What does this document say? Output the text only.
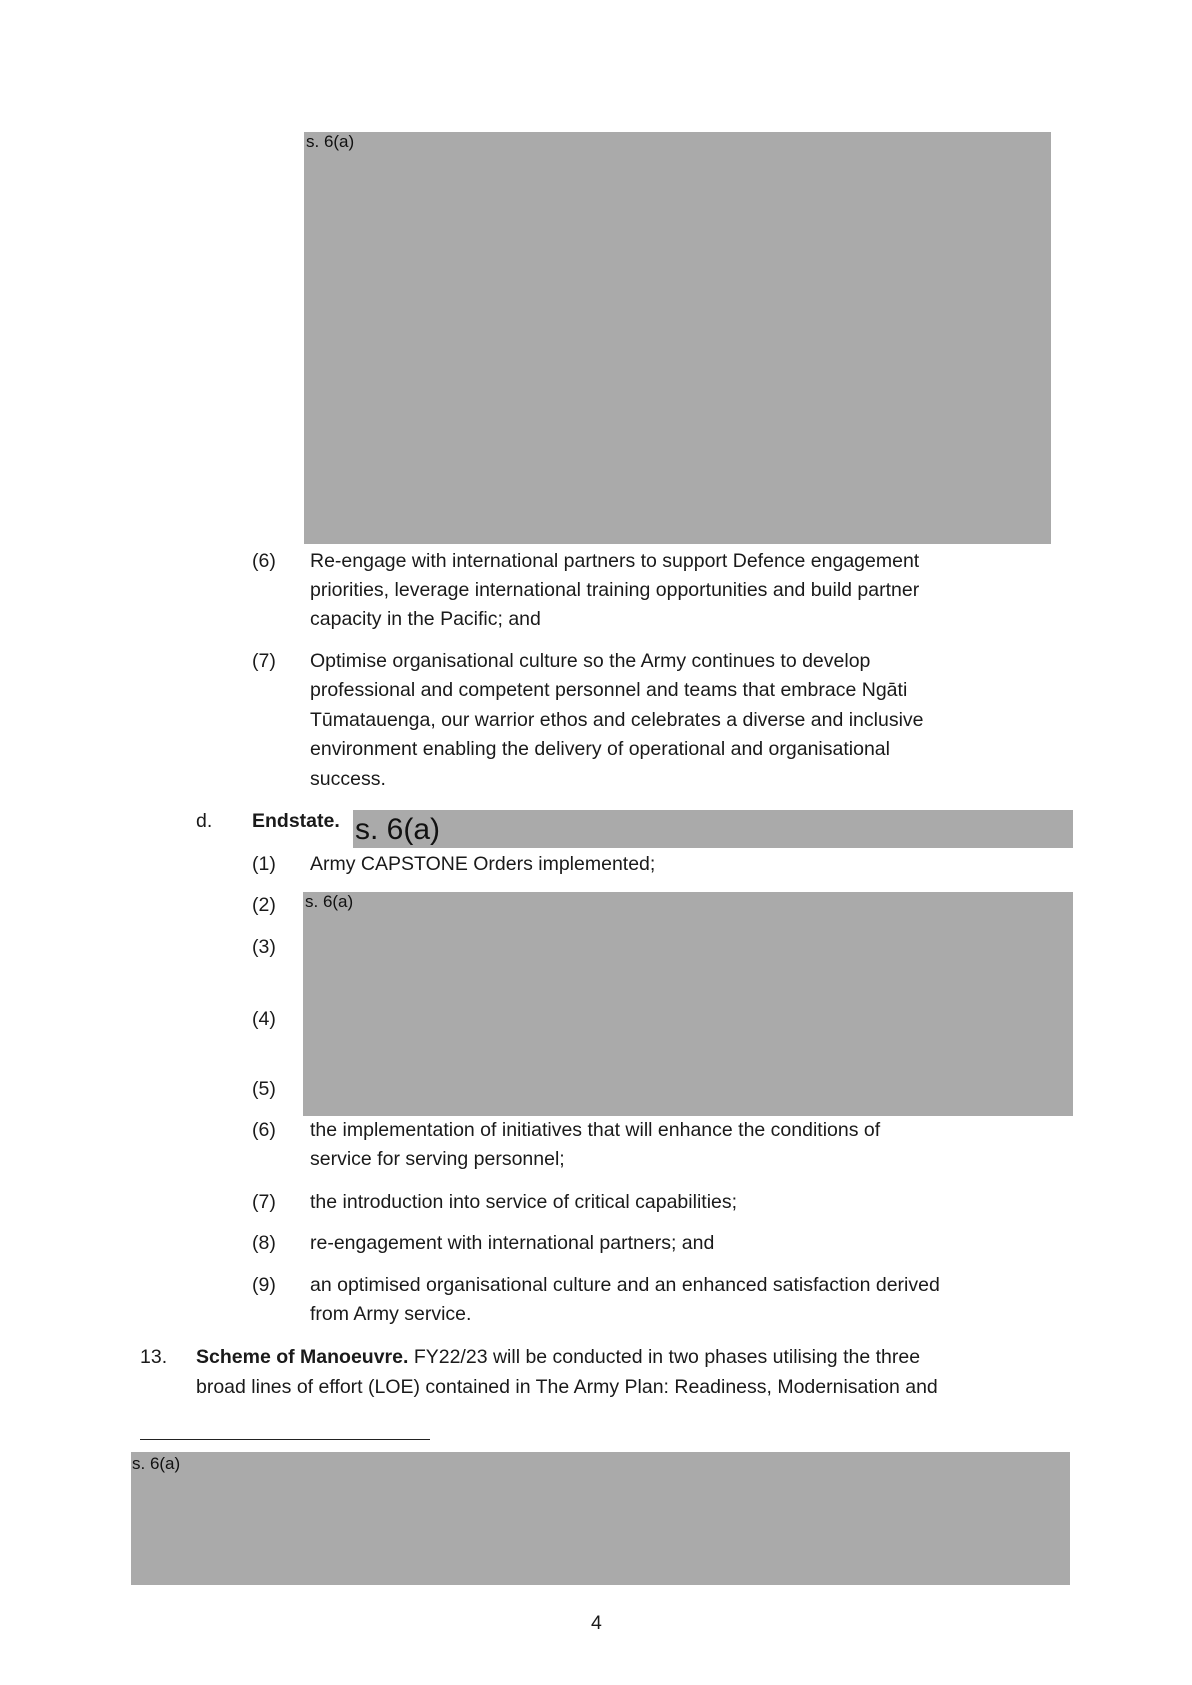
s. 6(a)
(6) Re-engage with international partners to support Defence engagement
priorities, leverage international training opportunities and build partner
capacity in the Pacific; and
(7) Optimise organisational culture so the Army continues to develop
professional and competent personnel and teams that embrace Ngāti
Tūmatauenga, our warrior ethos and celebrates a diverse and inclusive
environment enabling the delivery of operational and organisational
success.
d. Endstate. s. 6(a)
(1) Army CAPSTONE Orders implemented;
(2)
(3)
(4)
(5)
s. 6(a)
(6) the implementation of initiatives that will enhance the conditions of
service for serving personnel;
(7) the introduction into service of critical capabilities;
(8) re-engagement with international partners; and
(9) an optimised organisational culture and an enhanced satisfaction derived
from Army service.
13. Scheme of Manoeuvre. FY22/23 will be conducted in two phases utilising the three
broad lines of effort (LOE) contained in The Army Plan: Readiness, Modernisation and
s. 6(a)
4
